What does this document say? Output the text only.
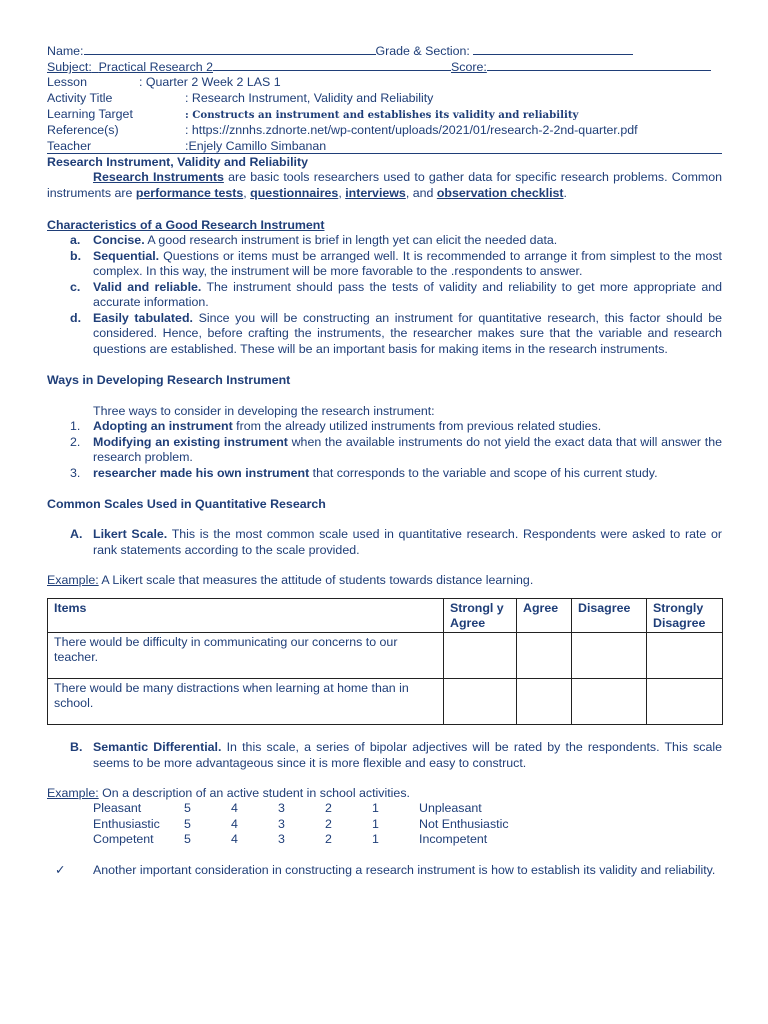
Name:	Grade & Section:
Subject: Practical Research 2	Score:
Lesson	: Quarter 2 Week 2 LAS 1
Activity Title	: Research Instrument, Validity and Reliability
Learning Target	: Constructs an instrument and establishes its validity and reliability
Reference(s)	: https://znnhs.zdnorte.net/wp-content/uploads/2021/01/research-2-2nd-quarter.pdf
Teacher	:Enjely Camillo Simbanan
Research Instrument, Validity and Reliability
Research Instruments are basic tools researchers used to gather data for specific research problems. Common instruments are performance tests, questionnaires, interviews, and observation checklist.
Characteristics of a Good Research Instrument
a. Concise. A good research instrument is brief in length yet can elicit the needed data.
b. Sequential. Questions or items must be arranged well. It is recommended to arrange it from simplest to the most complex. In this way, the instrument will be more favorable to the .respondents to answer.
c. Valid and reliable. The instrument should pass the tests of validity and reliability to get more appropriate and accurate information.
d. Easily tabulated. Since you will be constructing an instrument for quantitative research, this factor should be considered. Hence, before crafting the instruments, the researcher makes sure that the variable and research questions are established. These will be an important basis for making items in the research instruments.
Ways in Developing Research Instrument
Three ways to consider in developing the research instrument:
1. Adopting an instrument from the already utilized instruments from previous related studies.
2. Modifying an existing instrument when the available instruments do not yield the exact data that will answer the research problem.
3. researcher made his own instrument that corresponds to the variable and scope of his current study.
Common Scales Used in Quantitative Research
A. Likert Scale. This is the most common scale used in quantitative research. Respondents were asked to rate or rank statements according to the scale provided.
Example: A Likert scale that measures the attitude of students towards distance learning.
Items	Strongl y Agree	Agree	Disagree	Strongly Disagree
There would be difficulty in communicating our concerns to our teacher.				
There would be many distractions when learning at home than in school.				
B. Semantic Differential. In this scale, a series of bipolar adjectives will be rated by the respondents. This scale seems to be more advantageous since it is more flexible and easy to construct.
Example: On a description of an active student in school activities.
Pleasant	5	4	3	2	1	Unpleasant
Enthusiastic	5	4	3	2	1	Not Enthusiastic
Competent	5	4	3	2	1	Incompetent
✓ Another important consideration in constructing a research instrument is how to establish its validity and reliability.
